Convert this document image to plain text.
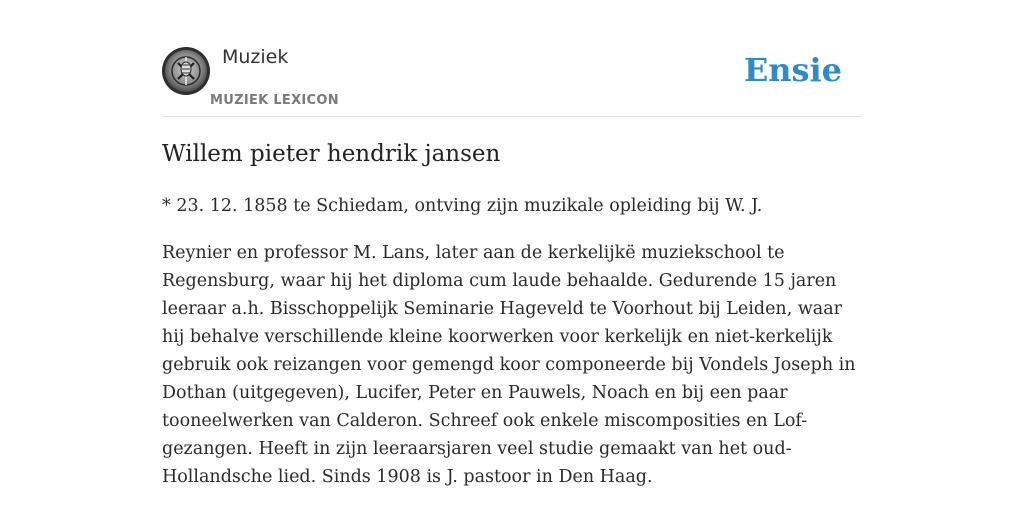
Muziek
MUZIEK LEXICON
Ensie
Willem pieter hendrik jansen

* 23. 12. 1858 te Schiedam, ontving zijn muzikale opleiding bij W. J.

Reynier en professor M. Lans, later aan de kerkelijkë muziekschool te Regensburg, waar hij het diploma cum laude behaalde. Gedurende 15 jaren leeraar a.h. Bisschoppelijk Seminarie Hageveld te Voorhout bij Leiden, waar hij behalve verschillende kleine koorwerken voor kerkelijk en niet-kerkelijk gebruik ook reizangen voor gemengd koor componeerde bij Vondels Joseph in Dothan (uitgegeven), Lucifer, Peter en Pauwels, Noach en bij een paar tooneelwerken van Calderon. Schreef ook enkele miscomposities en Lof-gezangen. Heeft in zijn leeraarsjaren veel studie gemaakt van het oud-Hollandsche lied. Sinds 1908 is J. pastoor in Den Haag.
